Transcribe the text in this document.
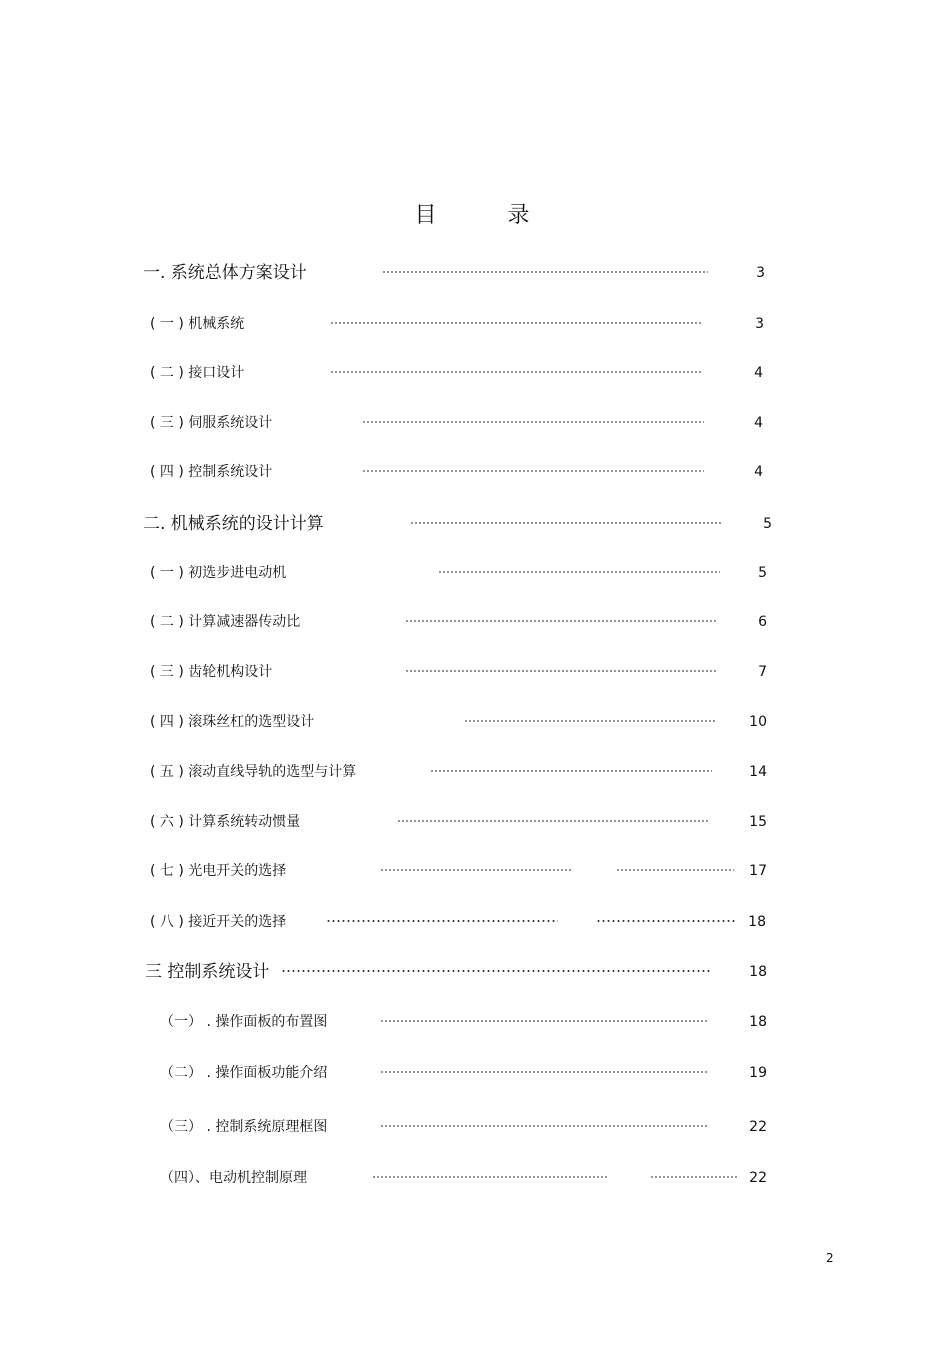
目 录
一. 系统总体方案设计	3
( 一 ) 机械系统	3
( 二 ) 接口设计	4
( 三 ) 伺服系统设计	4
( 四 ) 控制系统设计	4
二. 机械系统的设计计算	5
( 一 ) 初选步进电动机	5
( 二 ) 计算减速器传动比	6
( 三 ) 齿轮机构设计	7
( 四 ) 滚珠丝杠的选型设计	10
( 五 ) 滚动直线导轨的选型与计算	14
( 六 ) 计算系统转动惯量	15
( 七 ) 光电开关的选择	17
( 八 ) 接近开关的选择	18
三 控制系统设计	18
（一） . 操作面板的布置图	18
（二） . 操作面板功能介绍	19
（三） . 控制系统原理框图	22
（四）、电动机控制原理	22
2
